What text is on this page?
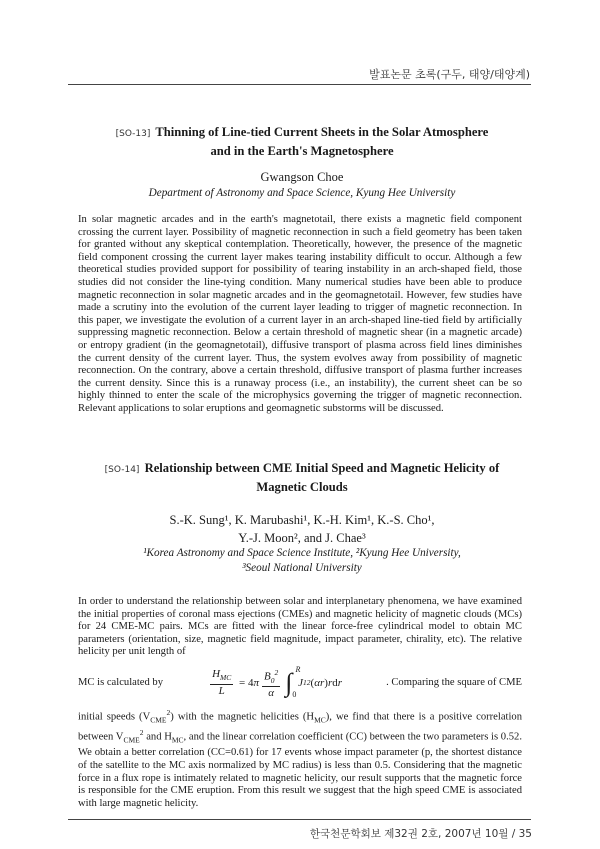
발표논문 초록(구두, 태양/태양계)
[SO-13] Thinning of Line-tied Current Sheets in the Solar Atmosphere
and in the Earth's Magnetosphere
Gwangson Choe
Department of Astronomy and Space Science, Kyung Hee University

In solar magnetic arcades and in the earth's magnetotail, there exists a magnetic field component crossing the current layer. Possibility of magnetic reconnection in such a field geometry has been taken for granted without any skeptical contemplation. Theoretically, however, the presence of the magnetic field component crossing the current layer makes tearing instability difficult to occur. Although a few theoretical studies provided support for possibility of tearing instability in an arch-shaped field, those studies did not consider the line-tying condition. Many numerical studies have been able to produce magnetic reconnection in solar magnetic arcades and in the geomagnetotail. However, few studies have made a scrutiny into the evolution of the current layer leading to trigger of magnetic reconnection. In this paper, we investigate the evolution of a current layer in an arch-shaped line-tied field by artificially suppressing magnetic reconnection. Below a certain threshold of magnetic shear (in a magnetic arcade) or entropy gradient (in the geomagnetotail), diffusive transport of plasma across field lines diminishes the current density of the current layer. Thus, the system evolves away from possibility of magnetic reconnection. On the contrary, above a certain threshold, diffusive transport of plasma further increases the current density. Since this is a runaway process (i.e., an instability), the current sheet can be so highly thinned to enter the scale of the microphysics governing the trigger of magnetic reconnection. Relevant applications to solar eruptions and geomagnetic substorms will be discussed.

[SO-14] Relationship between CME Initial Speed and Magnetic Helicity of
Magnetic Clouds
S.-K. Sung¹, K. Marubashi¹, K.-H. Kim¹, K.-S. Cho¹,
Y.-J. Moon², and J. Chae³
¹Korea Astronomy and Space Science Institute, ²Kyung Hee University,
³Seoul National University
In order to understand the relationship between solar and interplanetary phenomena, we have examined the initial properties of coronal mass ejections (CMEs) and magnetic helicity of magnetic clouds (MCs) for 24 CME-MC pairs. MCs are fitted with the linear force-free cylindrical model to obtain MC parameters (orientation, size, magnetic field magnitude, impact parameter, chirality, etc). The relative helicity per unit length of
MC is calculated by	$\frac{H_{MC}}{L} = 4$ π $\frac{B_0^2}{\alpha}$ ∫ R
0
J 1 2 ( αr ) r d r	. Comparing the square of CME
initial speeds $(V_{CME}^2)$ with the magnetic helicities $(H_{MC})$, we find that there is a positive correlation between $V_{CME}^2$ and $H_{MC}$, and the linear correlation coefficient (CC) between the two parameters is 0.52. We obtain a better correlation (CC=0.61) for 17 events whose impact parameter (p, the shortest distance of the satellite to the MC axis normalized by MC radius) is less than 0.5. Considering that the magnetic force in a flux rope is intimately related to magnetic helicity, our result supports that the magnetic force is responsible for the CME eruption. From this result we suggest that the high speed CME is associated with large magnetic helicity.
한국천문학회보 제32권 2호, 2007년 10월 / 35
